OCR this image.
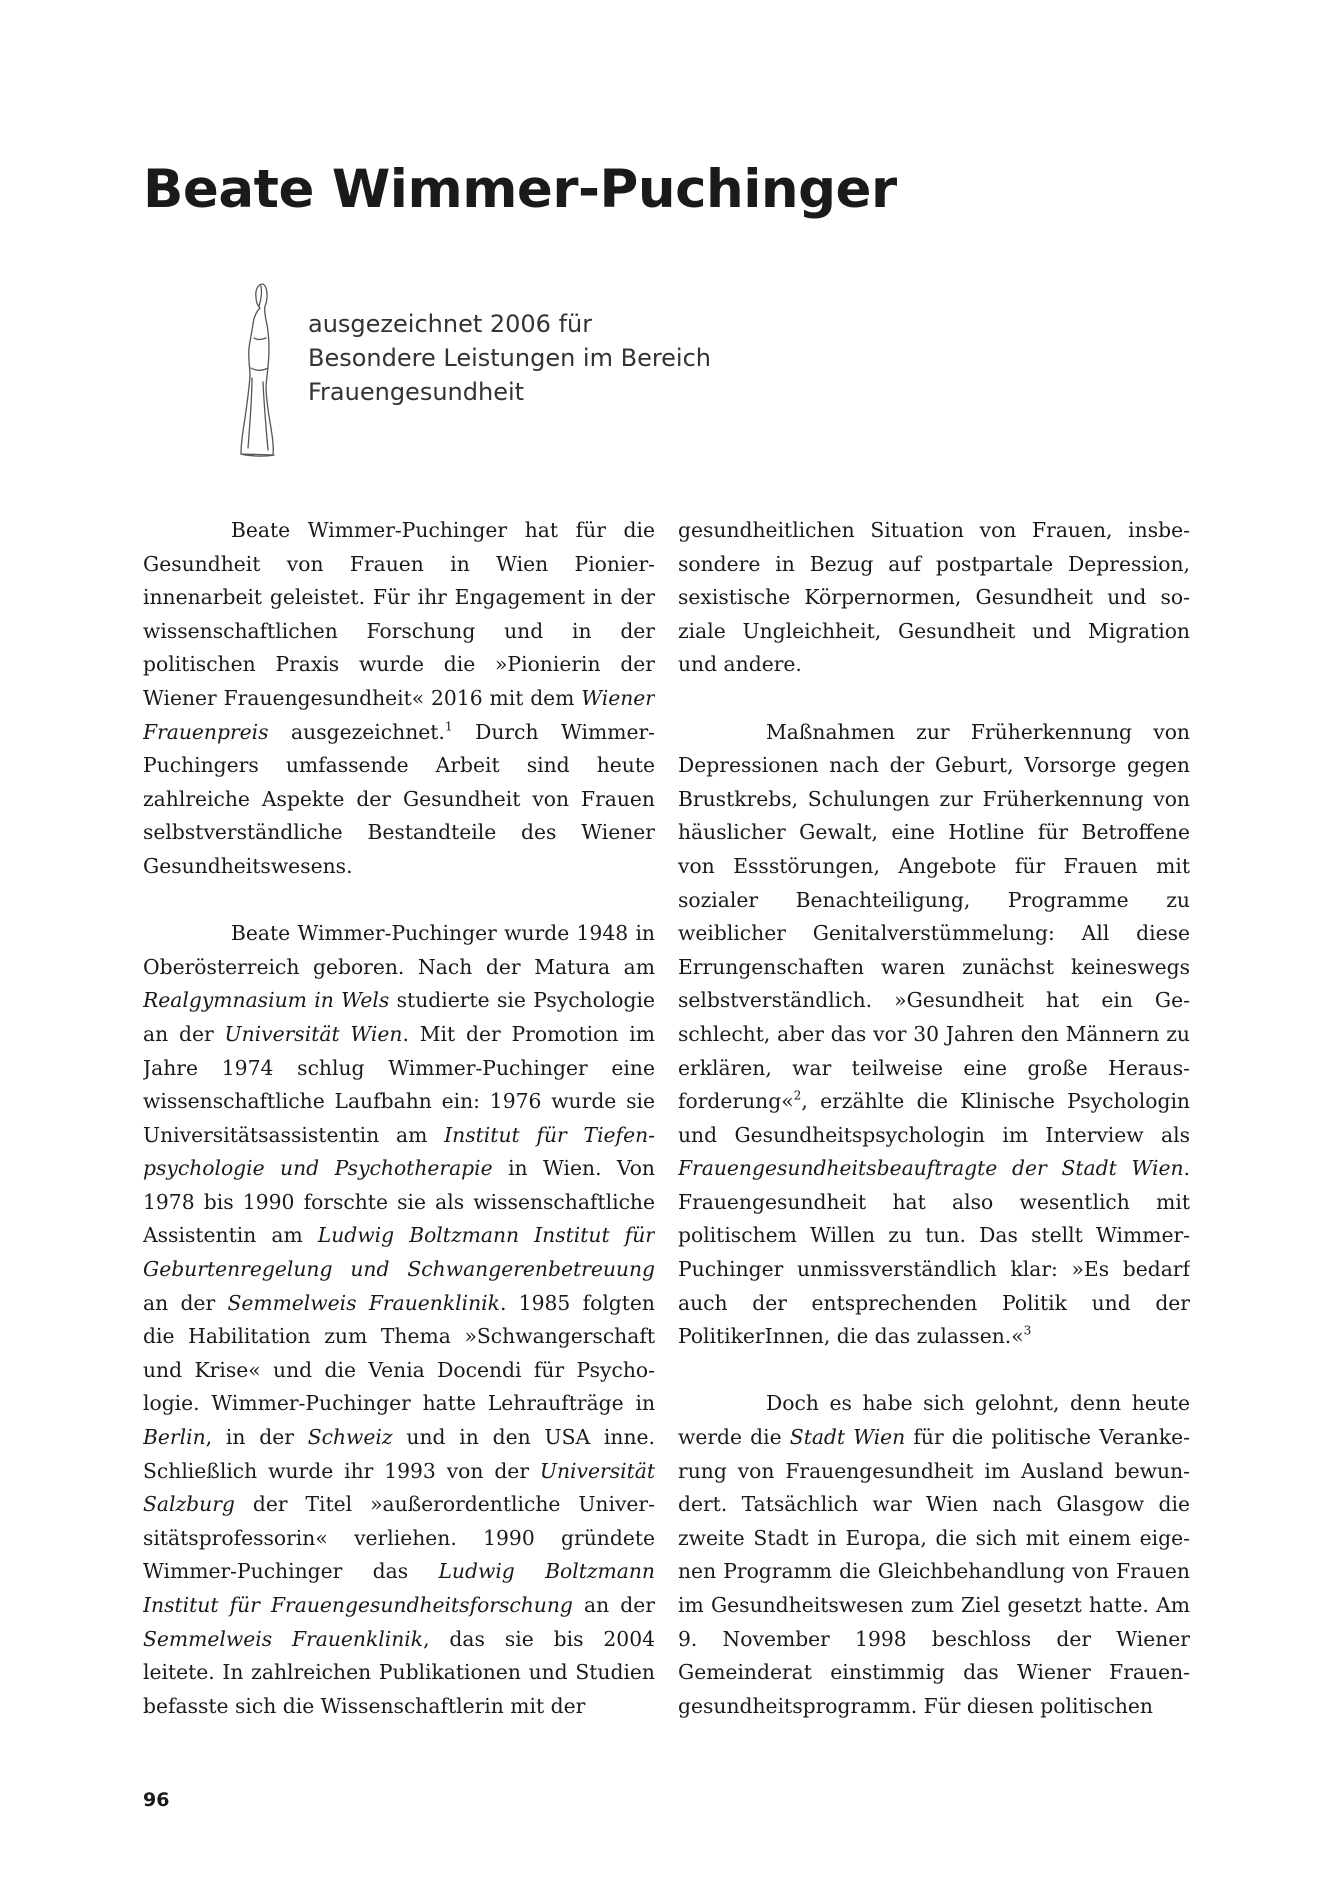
Beate Wimmer-Puchinger
ausgezeichnet 2006 für
Besondere Leistungen im Bereich
Frauengesundheit

Beate Wimmer-Puchinger hat für die Gesundheit von Frauen in Wien Pionierinnenarbeit geleistet. Für ihr Engagement in der wissenschaftlichen Forschung und in der politischen Praxis wurde die »Pionierin der Wiener Frauengesundheit« 2016 mit dem Wiener Frauenpreis ausgezeichnet.$^1$ Durch Wimmer-Puchingers umfassende Arbeit sind heute zahlreiche Aspekte der Gesundheit von Frauen selbstverständliche Bestandteile des Wiener Gesundheitswesens.

Beate Wimmer-Puchinger wurde 1948 in Oberösterreich geboren. Nach der Matura am Realgymnasium in Wels studierte sie Psychologie an der Universität Wien. Mit der Promotion im Jahre 1974 schlug Wimmer-Puchinger eine wissenschaftliche Laufbahn ein: 1976 wurde sie Universitätsassistentin am Institut für Tiefenpsychologie und Psychotherapie in Wien. Von 1978 bis 1990 forschte sie als wissenschaftliche Assistentin am Ludwig Boltzmann Institut für Geburtenregelung und Schwangerenbetreuung an der Semmelweis Frauenklinik. 1985 folgten die Habilitation zum Thema »Schwangerschaft und Krise« und die Venia Docendi für Psychologie. Wimmer-Puchinger hatte Lehraufträge in Berlin, in der Schweiz und in den USA inne. Schließlich wurde ihr 1993 von der Universität Salzburg der Titel »außerordentliche Universitätsprofessorin« verliehen. 1990 gründete Wimmer-Puchinger das Ludwig Boltzmann Institut für Frauengesundheitsforschung an der Semmelweis Frauenklinik, das sie bis 2004 leitete. In zahlreichen Publikationen und Studien befasste sich die Wissenschaftlerin mit der

gesundheitlichen Situation von Frauen, insbesondere in Bezug auf postpartale Depression, sexistische Körpernormen, Gesundheit und soziale Ungleichheit, Gesundheit und Migration und andere.

Maßnahmen zur Früherkennung von Depressionen nach der Geburt, Vorsorge gegen Brustkrebs, Schulungen zur Früherkennung von häuslicher Gewalt, eine Hotline für Betroffene von Essstörungen, Angebote für Frauen mit sozialer Benachteiligung, Programme zu weiblicher Genitalverstümmelung: All diese Errungenschaften waren zunächst keineswegs selbstverständlich. »Gesundheit hat ein Geschlecht, aber das vor 30 Jahren den Männern zu erklären, war teilweise eine große Herausforderung«$^2$, erzählte die Klinische Psychologin und Gesundheitspsychologin im Interview als Frauengesundheitsbeauftragte der Stadt Wien. Frauengesundheit hat also wesentlich mit politischem Willen zu tun. Das stellt Wimmer-Puchinger unmissverständlich klar: »Es bedarf auch der entsprechenden Politik und der PolitikerInnen, die das zulassen.«$^3$

Doch es habe sich gelohnt, denn heute werde die Stadt Wien für die politische Verankerung von Frauengesundheit im Ausland bewundert. Tatsächlich war Wien nach Glasgow die zweite Stadt in Europa, die sich mit einem eigenen Programm die Gleichbehandlung von Frauen im Gesundheitswesen zum Ziel gesetzt hatte. Am 9. November 1998 beschloss der Wiener Gemeinderat einstimmig das Wiener Frauengesundheitsprogramm. Für diesen politischen

96
